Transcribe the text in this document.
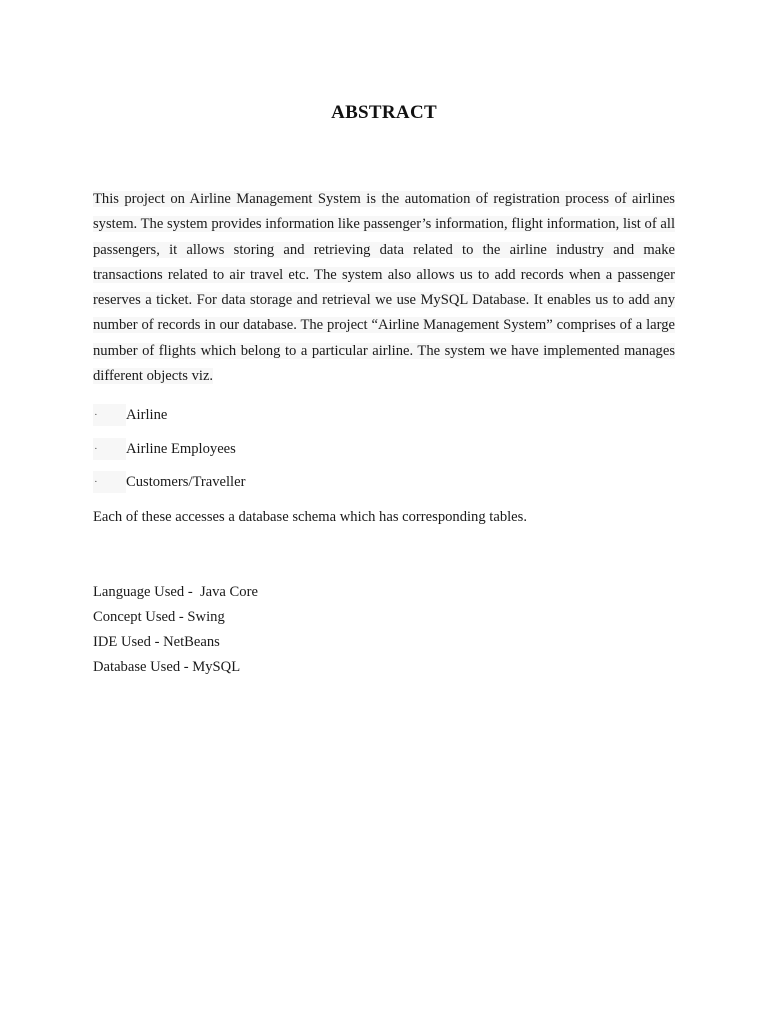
ABSTRACT

This project on Airline Management System is the automation of registration process of airlines system. The system provides information like passenger’s information, flight information, list of all passengers, it allows storing and retrieving data related to the airline industry and make transactions related to air travel etc. The system also allows us to add records when a passenger reserves a ticket. For data storage and retrieval we use MySQL Database. It enables us to add any number of records in our database. The project “Airline Management System” comprises of a large number of flights which belong to a particular airline. The system we have implemented manages different objects viz.

·	Airline
·	Airline Employees
·	Customers/Traveller

Each of these accesses a database schema which has corresponding tables.

Language Used -  Java Core
Concept Used - Swing
IDE Used - NetBeans
Database Used - MySQL
